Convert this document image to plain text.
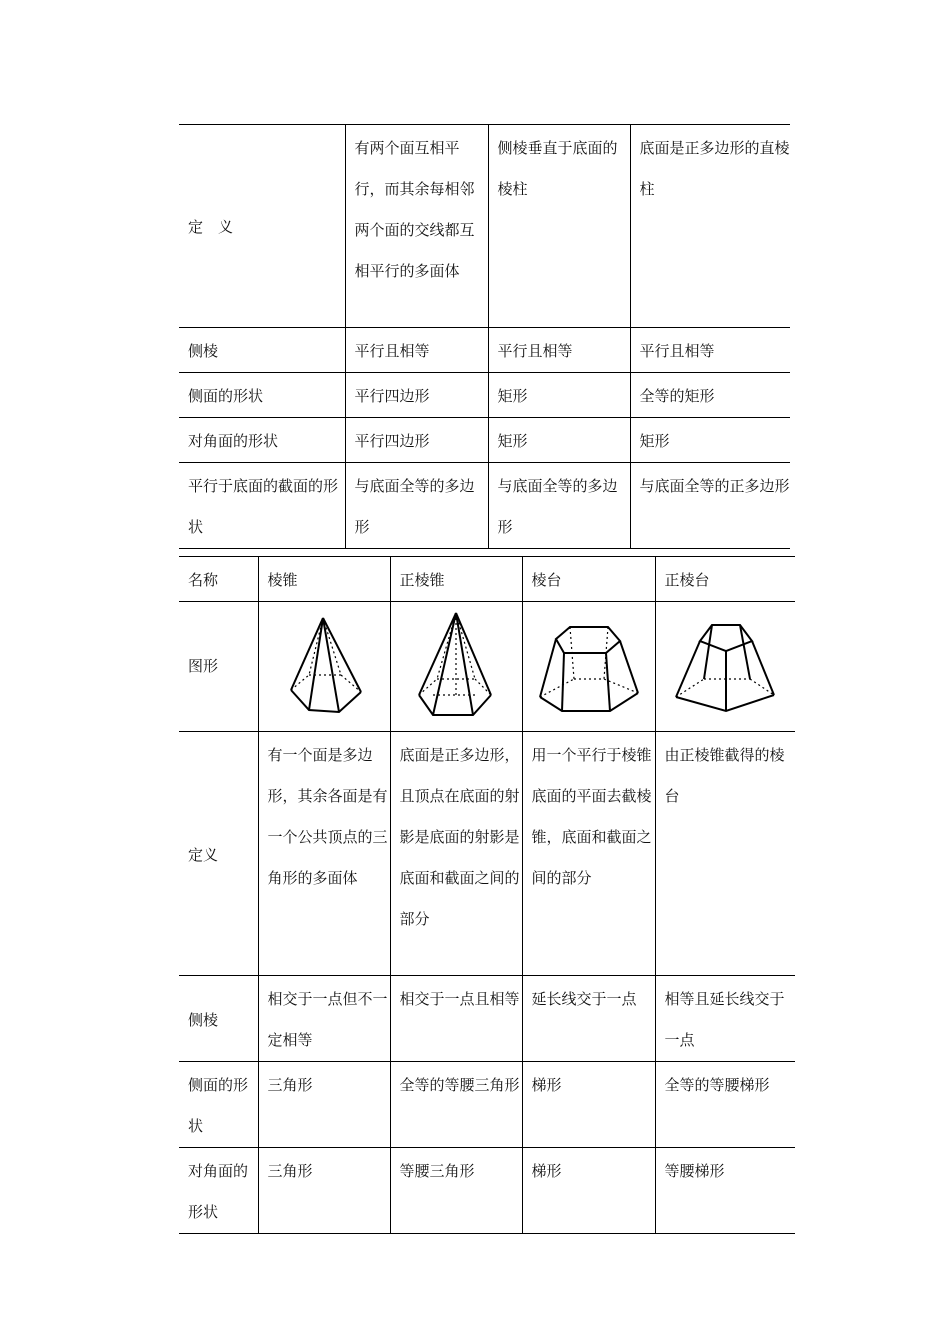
定　义	有两个面互相平行，而其余每相邻两个面的交线都互相平行的多面体	侧棱垂直于底面的棱柱	底面是正多边形的直棱柱
侧棱	平行且相等	平行且相等	平行且相等
侧面的形状	平行四边形	矩形	全等的矩形
对角面的形状	平行四边形	矩形	矩形
平行于底面的截面的形状	与底面全等的多边形	与底面全等的多边形	与底面全等的正多边形
名称	棱锥	正棱锥	棱台	正棱台
图形	

定义	有一个面是多边形，其余各面是有一个公共顶点的三角形的多面体	底面是正多边形，且顶点在底面的射影是底面的射影是底面和截面之间的部分	用一个平行于棱锥底面的平面去截棱锥，底面和截面之间的部分	由正棱锥截得的棱台
侧棱	相交于一点但不一定相等	相交于一点且相等	延长线交于一点	相等且延长线交于一点
侧面的形状	三角形	全等的等腰三角形	梯形	全等的等腰梯形
对角面的形状	三角形	等腰三角形	梯形	等腰梯形
